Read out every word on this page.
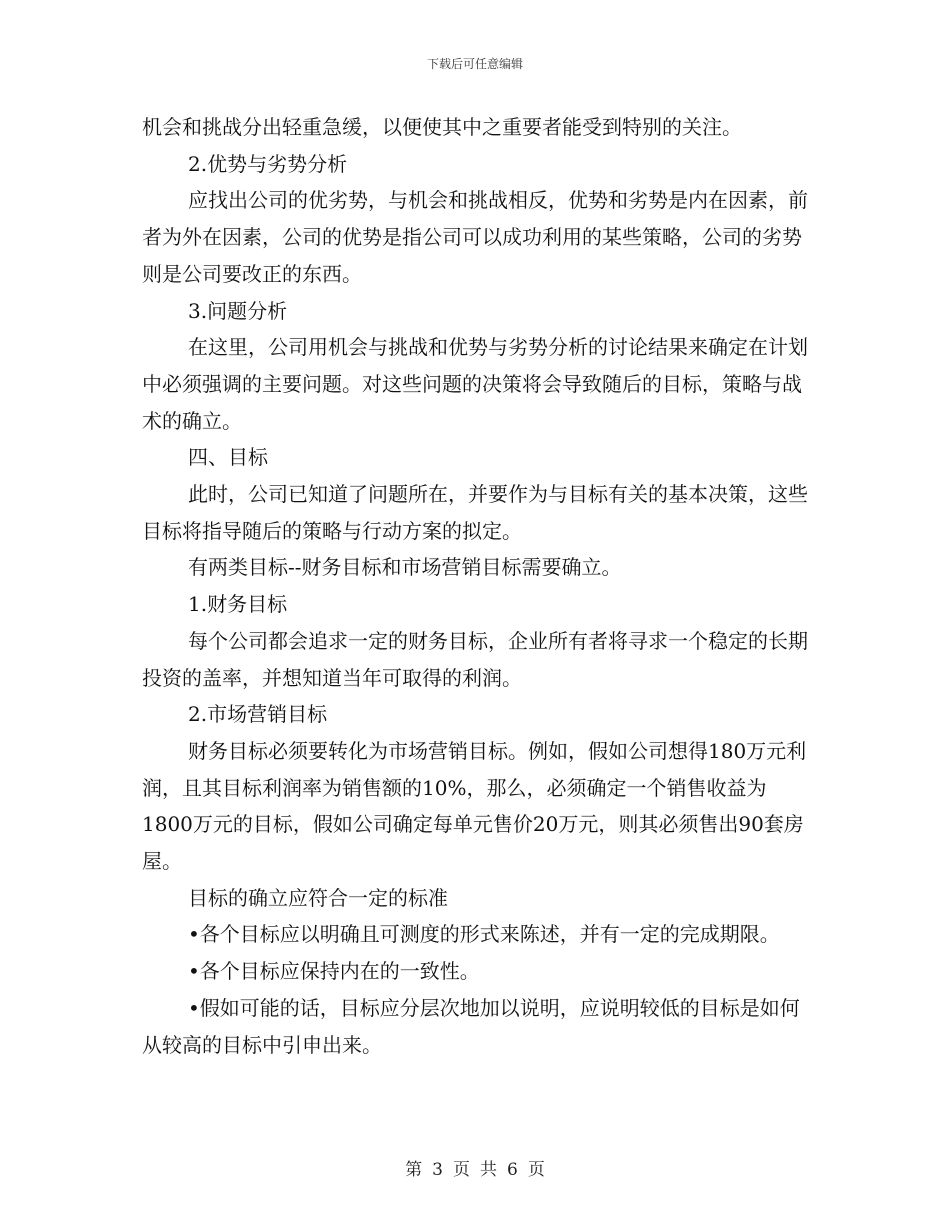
下载后可任意编辑

机会和挑战分出轻重急缓，以便使其中之重要者能受到特别的关注。

2.优势与劣势分析

应找出公司的优劣势，与机会和挑战相反，优势和劣势是内在因素，前者为外在因素，公司的优势是指公司可以成功利用的某些策略，公司的劣势则是公司要改正的东西。

3.问题分析

在这里，公司用机会与挑战和优势与劣势分析的讨论结果来确定在计划中必须强调的主要问题。对这些问题的决策将会导致随后的目标，策略与战术的确立。

四、目标

此时，公司已知道了问题所在，并要作为与目标有关的基本决策，这些目标将指导随后的策略与行动方案的拟定。

有两类目标--财务目标和市场营销目标需要确立。

1.财务目标

每个公司都会追求一定的财务目标，企业所有者将寻求一个稳定的长期投资的盖率，并想知道当年可取得的利润。

2.市场营销目标

财务目标必须要转化为市场营销目标。例如，假如公司想得180万元利润，且其目标利润率为销售额的10%，那么，必须确定一个销售收益为1800万元的目标，假如公司确定每单元售价20万元，则其必须售出90套房屋。

目标的确立应符合一定的标准

•各个目标应以明确且可测度的形式来陈述，并有一定的完成期限。

•各个目标应保持内在的一致性。

•假如可能的话，目标应分层次地加以说明，应说明较低的目标是如何从较高的目标中引申出来。

第 3 页 共 6 页
